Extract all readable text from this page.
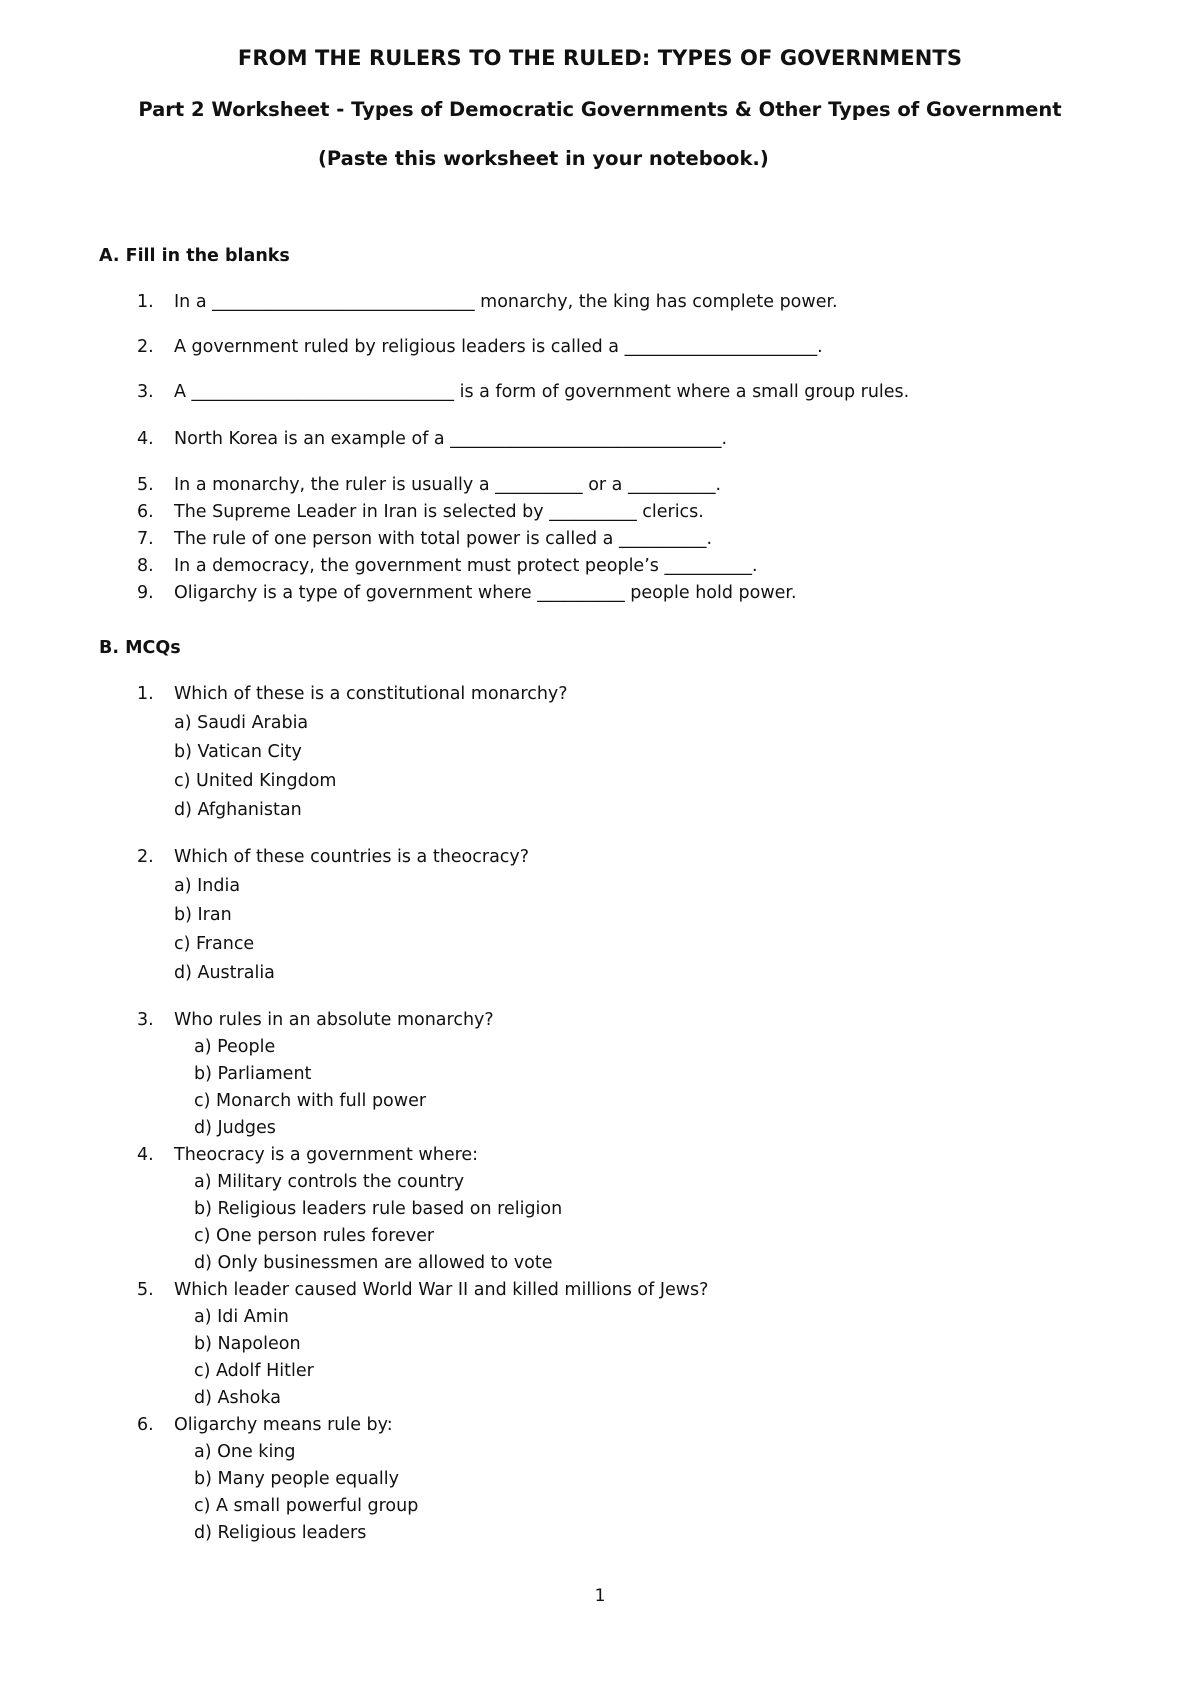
FROM THE RULERS TO THE RULED: TYPES OF GOVERNMENTS
Part 2 Worksheet - Types of Democratic Governments & Other Types of Government
(Paste this worksheet in your notebook.)
A. Fill in the blanks
1. In a ______________________________ monarchy, the king has complete power.
2. A government ruled by religious leaders is called a ______________________.
3. A ______________________________ is a form of government where a small group rules.
4. North Korea is an example of a _______________________________.
5. In a monarchy, the ruler is usually a __________ or a __________.
6. The Supreme Leader in Iran is selected by __________ clerics.
7. The rule of one person with total power is called a __________.
8. In a democracy, the government must protect people’s __________.
9. Oligarchy is a type of government where __________ people hold power.
B. MCQs
1. Which of these is a constitutional monarchy?
a) Saudi Arabia
b) Vatican City
c) United Kingdom
d) Afghanistan
2. Which of these countries is a theocracy?
a) India
b) Iran
c) France
d) Australia
3. Who rules in an absolute monarchy?
a) People
b) Parliament
c) Monarch with full power
d) Judges
4. Theocracy is a government where:
a) Military controls the country
b) Religious leaders rule based on religion
c) One person rules forever
d) Only businessmen are allowed to vote
5. Which leader caused World War II and killed millions of Jews?
a) Idi Amin
b) Napoleon
c) Adolf Hitler
d) Ashoka
6. Oligarchy means rule by:
a) One king
b) Many people equally
c) A small powerful group
d) Religious leaders
1
